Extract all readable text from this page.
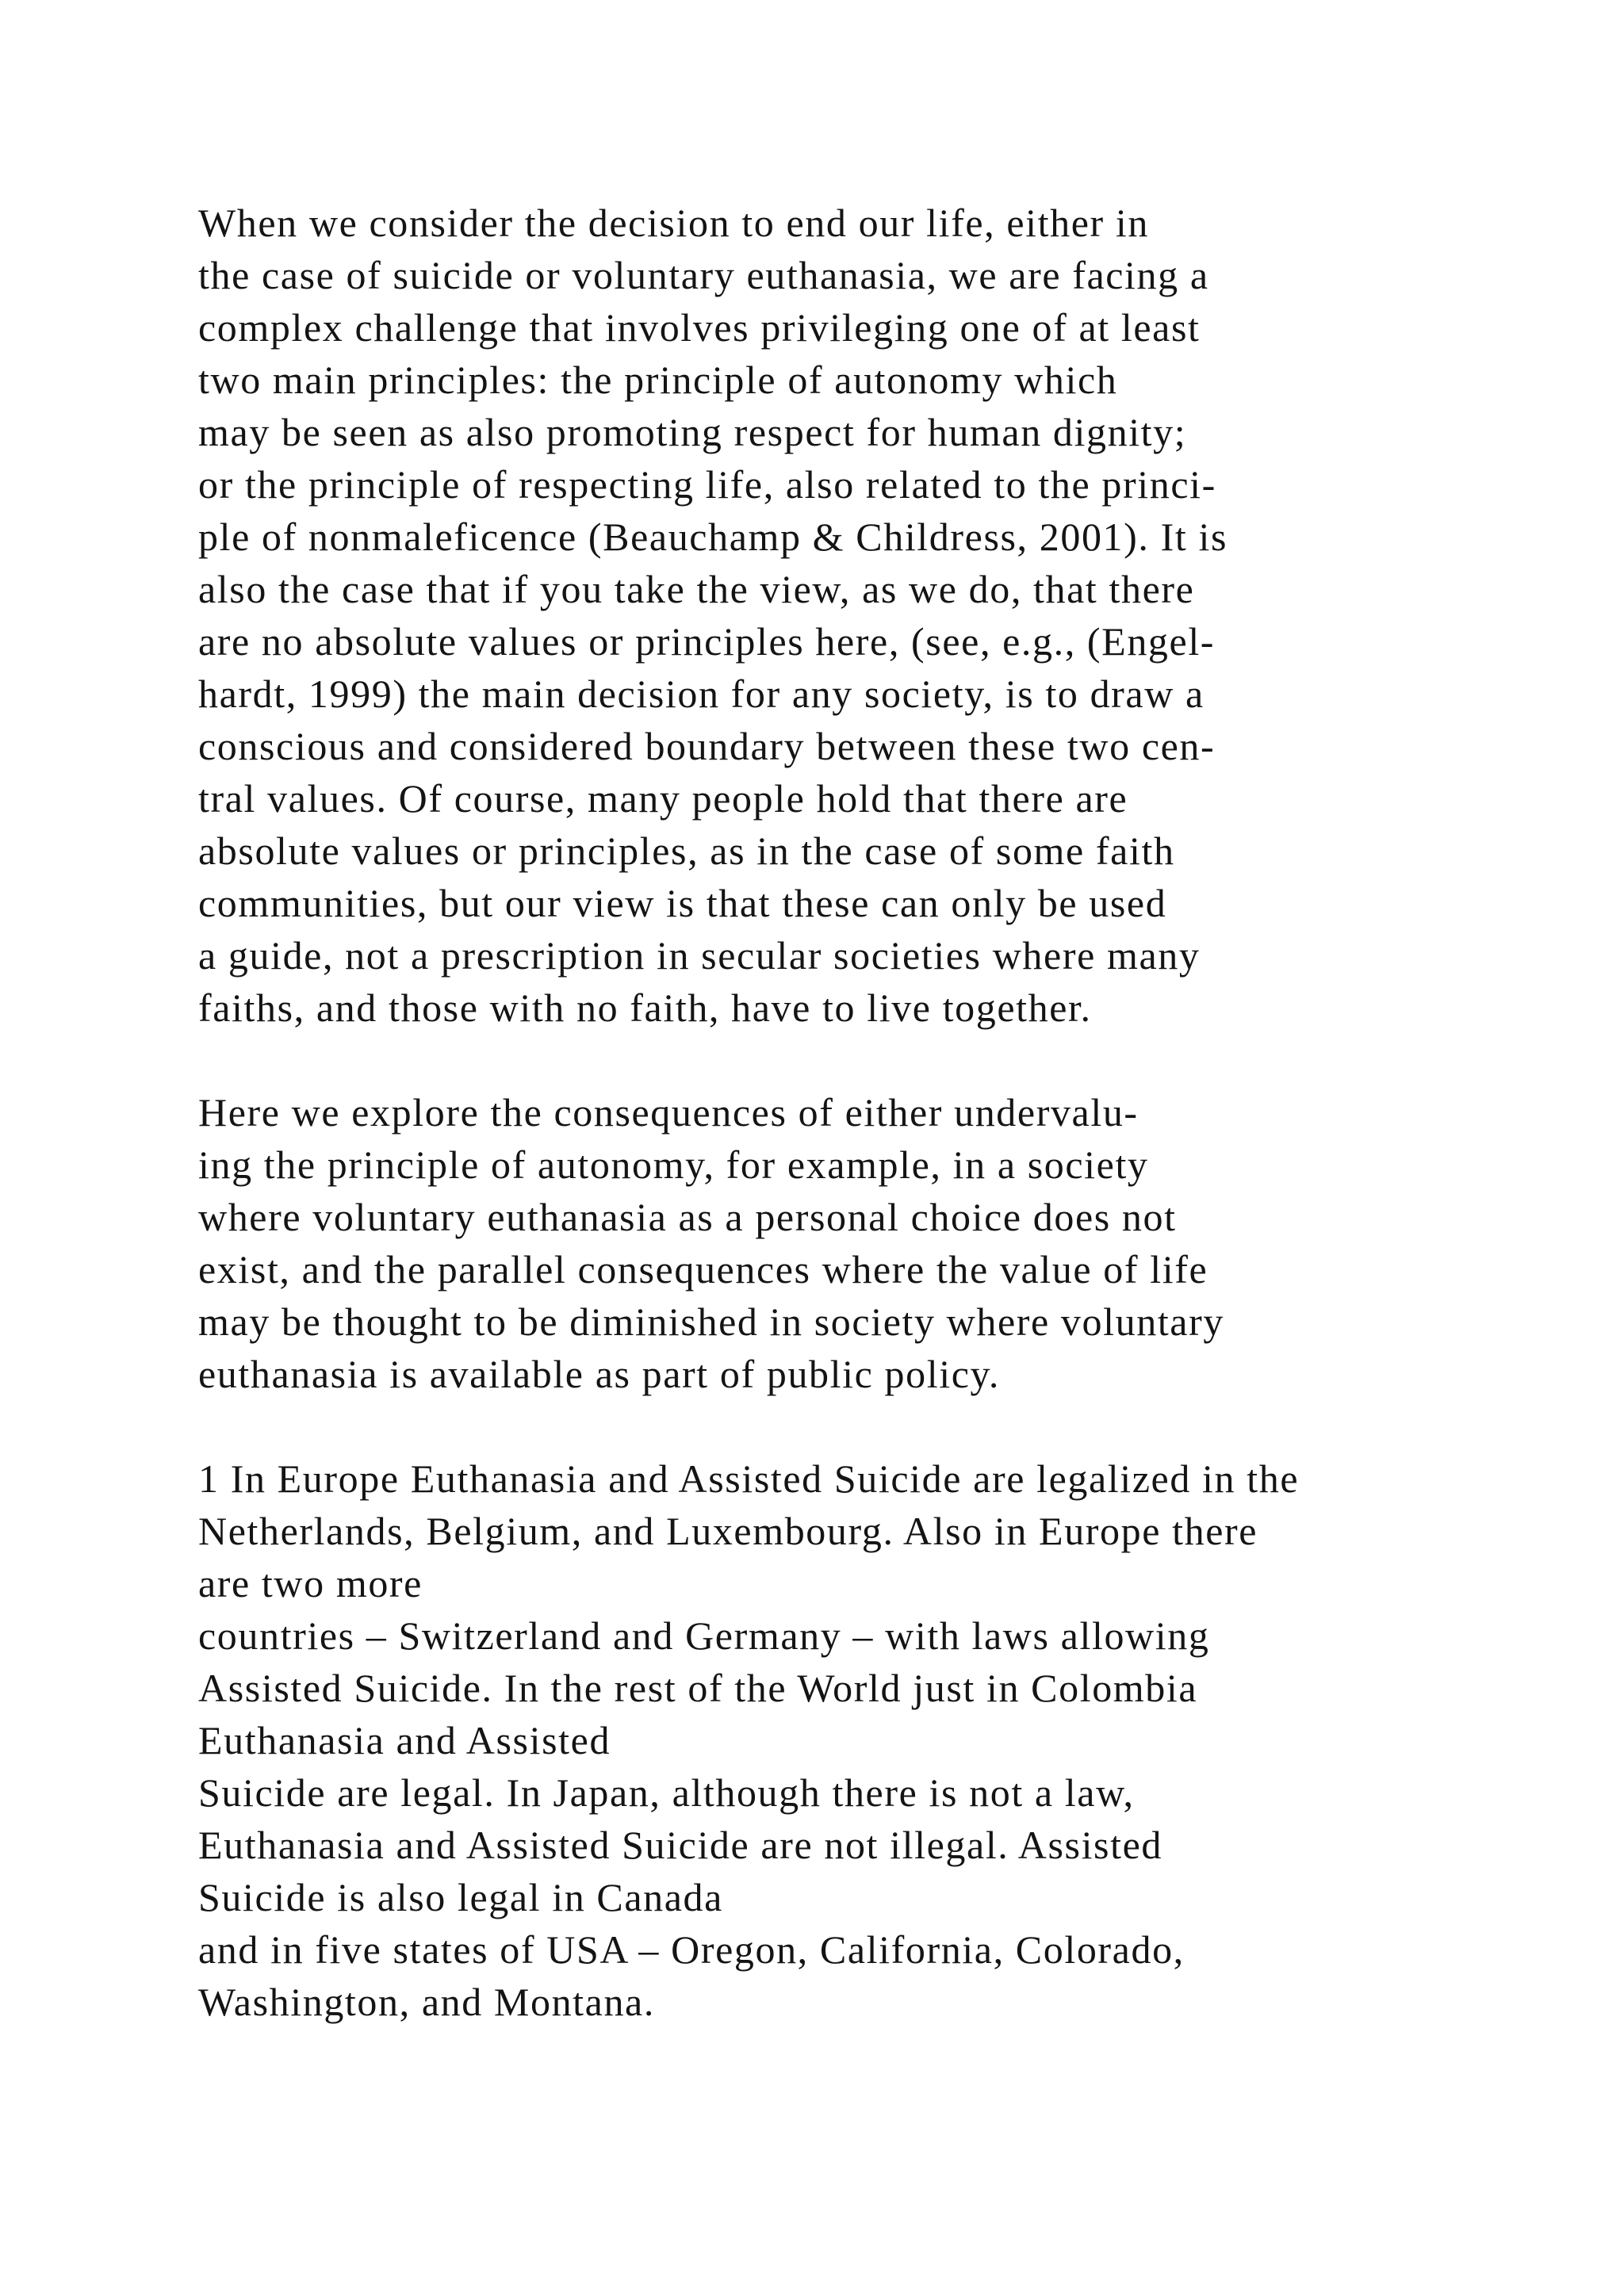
When we consider the decision to end our life, either in
the case of suicide or voluntary euthanasia, we are facing a
complex challenge that involves privileging one of at least
two main principles: the principle of autonomy which
may be seen as also promoting respect for human dignity;
or the principle of respecting life, also related to the princi-
ple of nonmaleficence (Beauchamp & Childress, 2001). It is
also the case that if you take the view, as we do, that there
are no absolute values or principles here, (see, e.g., (Engel-
hardt, 1999) the main decision for any society, is to draw a
conscious and considered boundary between these two cen-
tral values. Of course, many people hold that there are
absolute values or principles, as in the case of some faith
communities, but our view is that these can only be used
a guide, not a prescription in secular societies where many
faiths, and those with no faith, have to live together.
Here we explore the consequences of either undervalu-
ing the principle of autonomy, for example, in a society
where voluntary euthanasia as a personal choice does not
exist, and the parallel consequences where the value of life
may be thought to be diminished in society where voluntary
euthanasia is available as part of public policy.
1 In Europe Euthanasia and Assisted Suicide are legalized in the
Netherlands, Belgium, and Luxembourg. Also in Europe there
are two more
countries – Switzerland and Germany – with laws allowing
Assisted Suicide. In the rest of the World just in Colombia
Euthanasia and Assisted
Suicide are legal. In Japan, although there is not a law,
Euthanasia and Assisted Suicide are not illegal. Assisted
Suicide is also legal in Canada
and in five states of USA – Oregon, California, Colorado,
Washington, and Montana.
